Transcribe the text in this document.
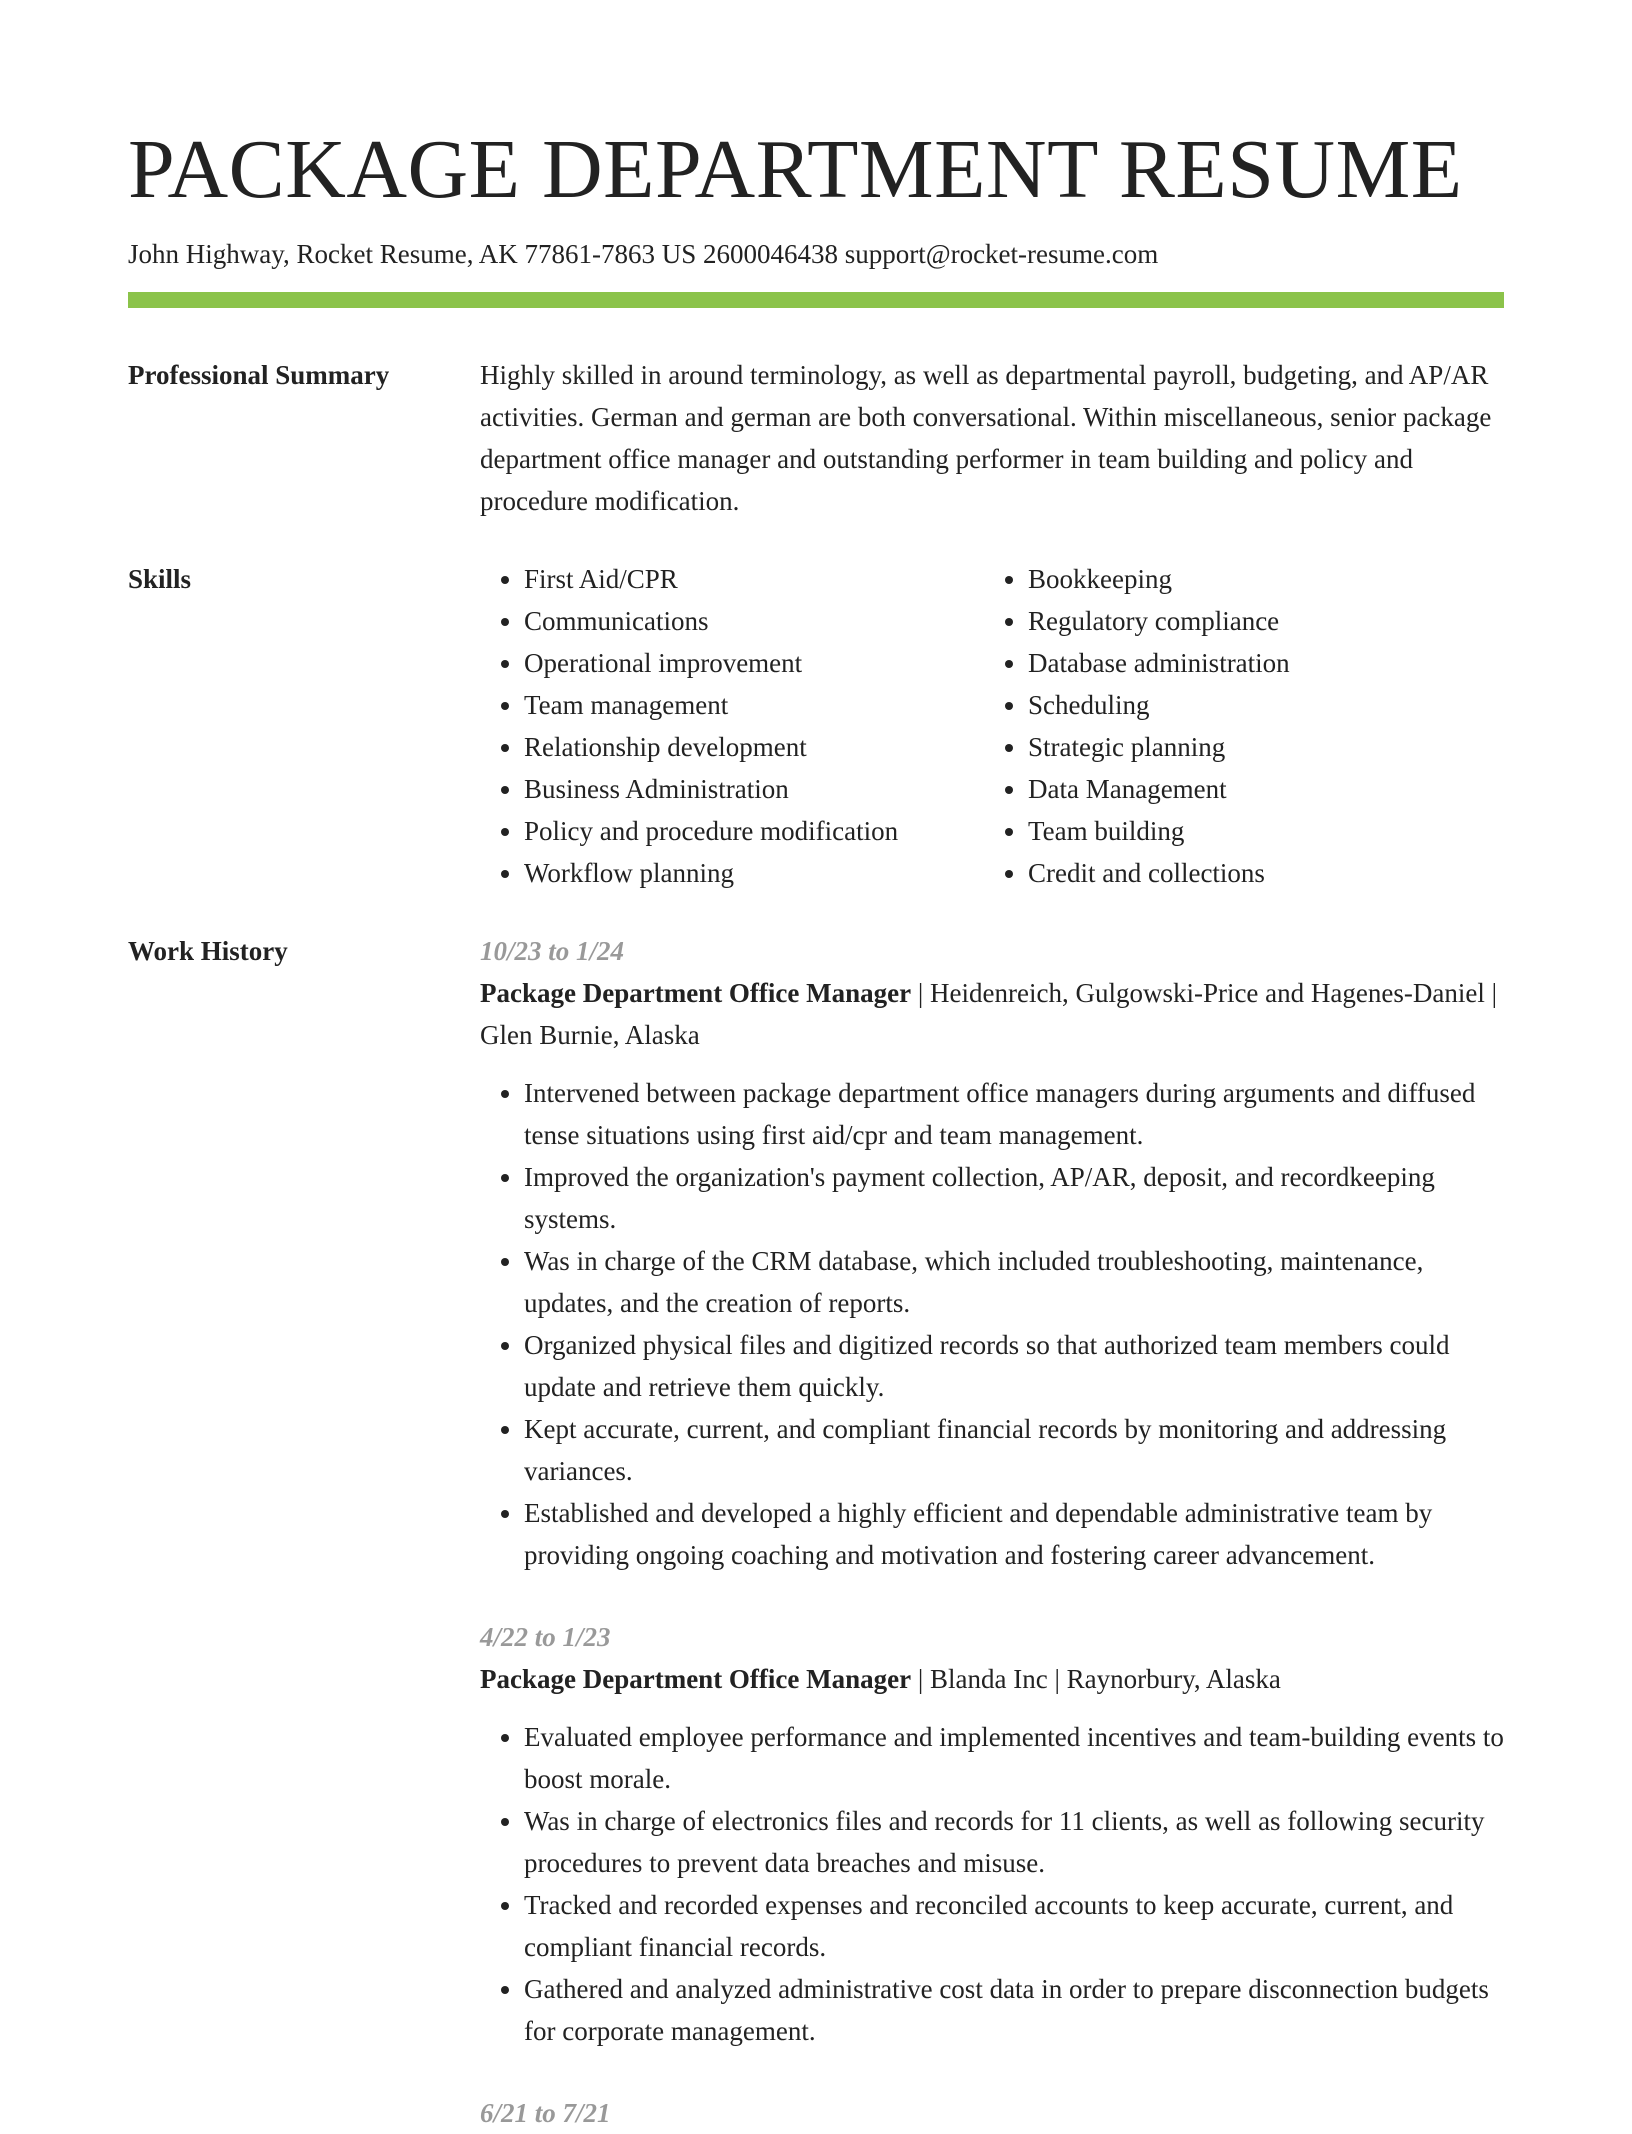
PACKAGE DEPARTMENT RESUME
John Highway, Rocket Resume, AK 77861-7863 US 2600046438 support@rocket-resume.com
Professional Summary	Highly skilled in around terminology, as well as departmental payroll, budgeting, and AP/AR activities. German and german are both conversational. Within miscellaneous, senior package department office manager and outstanding performer in team building and policy and procedure modification.

Skills
•	First Aid/CPR
• Communications
• Operational improvement
• Team management
• Relationship development
• Business Administration
• Policy and procedure modification
• Workflow planning
• Bookkeeping
• Regulatory compliance
• Database administration
• Scheduling
• Strategic planning
• Data Management
• Team building
• Credit and collections
Work History	10/23 to 1/24
Package Department Office Manager | Heidenreich, Gulgowski-Price and Hagenes-Daniel | Glen Burnie, Alaska
• Intervened between package department office managers during arguments and diffused tense situations using first aid/cpr and team management.
• Improved the organization's payment collection, AP/AR, deposit, and recordkeeping systems.
• Was in charge of the CRM database, which included troubleshooting, maintenance, updates, and the creation of reports.
• Organized physical files and digitized records so that authorized team members could update and retrieve them quickly.
• Kept accurate, current, and compliant financial records by monitoring and addressing variances.
• Established and developed a highly efficient and dependable administrative team by providing ongoing coaching and motivation and fostering career advancement.
4/22 to 1/23
Package Department Office Manager | Blanda Inc | Raynorbury, Alaska
• Evaluated employee performance and implemented incentives and team-building events to boost morale.
• Was in charge of electronics files and records for 11 clients, as well as following security procedures to prevent data breaches and misuse.
• Tracked and recorded expenses and reconciled accounts to keep accurate, current, and compliant financial records.
• Gathered and analyzed administrative cost data in order to prepare disconnection budgets for corporate management.
6/21 to 7/21
